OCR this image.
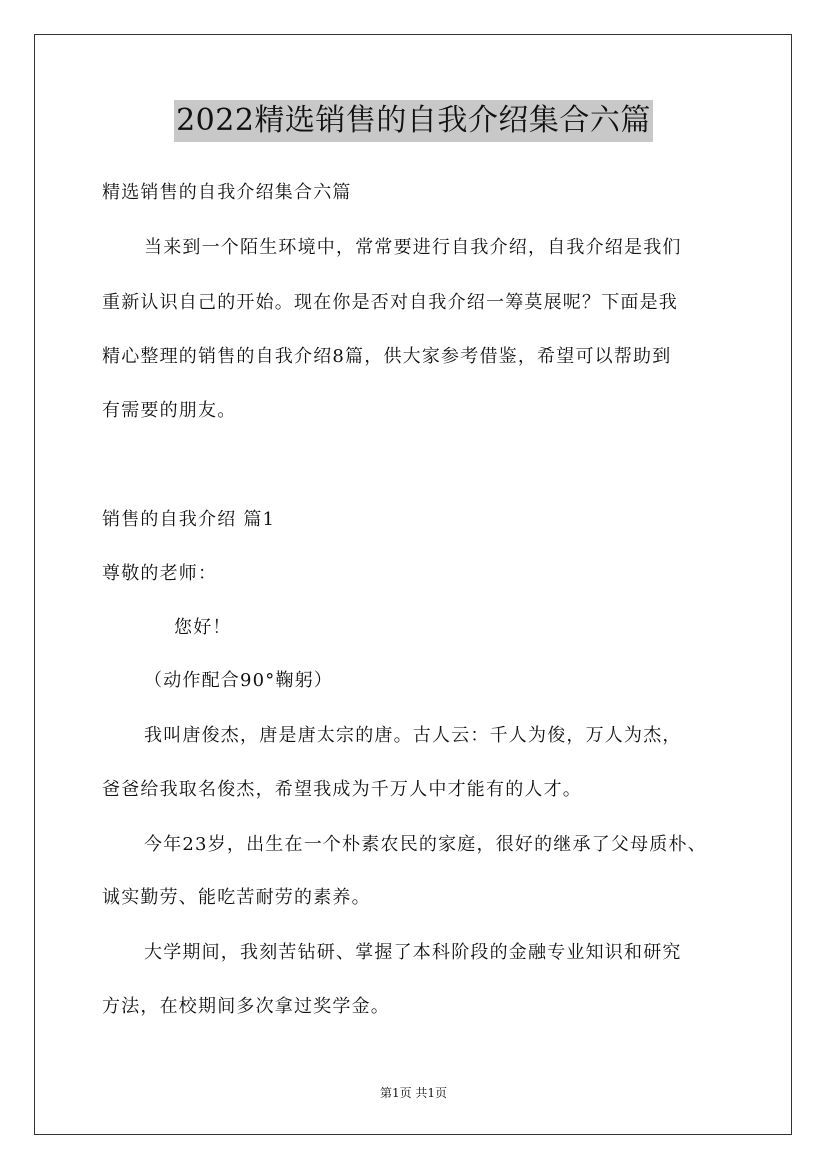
2022精选销售的自我介绍集合六篇
精选销售的自我介绍集合六篇
当来到一个陌生环境中，常常要进行自我介绍，自我介绍是我们
重新认识自己的开始。现在你是否对自我介绍一筹莫展呢？下面是我
精心整理的销售的自我介绍8篇，供大家参考借鉴，希望可以帮助到
有需要的朋友。
销售的自我介绍 篇1
尊敬的老师：
您好！
（动作配合90°鞠躬）
我叫唐俊杰，唐是唐太宗的唐。古人云：千人为俊，万人为杰，
爸爸给我取名俊杰，希望我成为千万人中才能有的人才。
今年23岁，出生在一个朴素农民的家庭，很好的继承了父母质朴、
诚实勤劳、能吃苦耐劳的素养。
大学期间，我刻苦钻研、掌握了本科阶段的金融专业知识和研究
方法，在校期间多次拿过奖学金。
第1页 共1页
